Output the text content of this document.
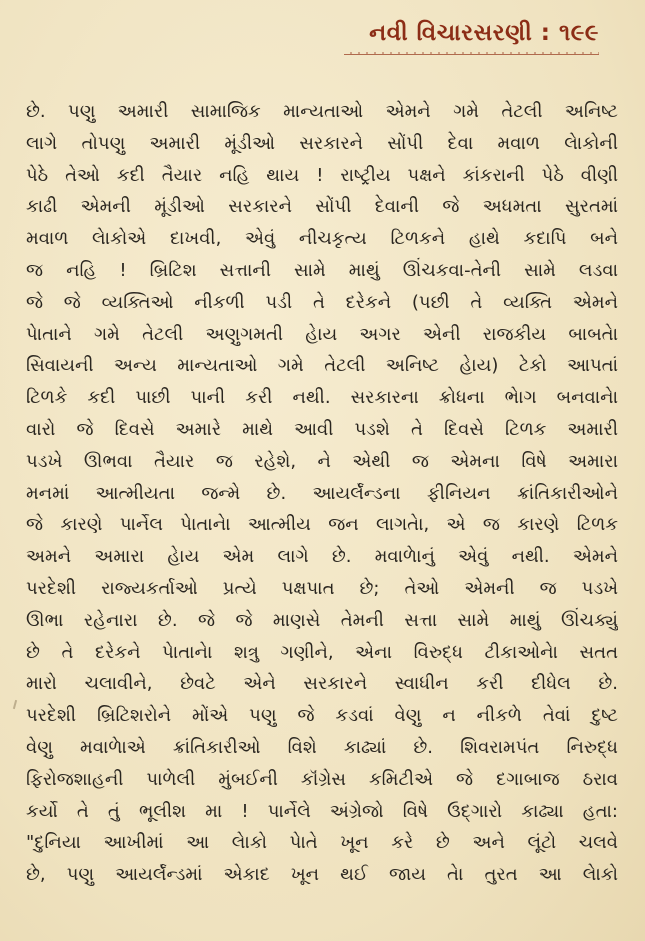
નવી વિચારસરણી : ૧૯૯
છે. પણુ અમારી સામાજિક માન્યતાઓ એમને ગમે તેટલી અનિષ્ટ
લાગે તોપણુ અમારી મૂંડીઓ સરકારને સોંપી દેવા મવાળ લેાકોની
પેઠે તેઓ કદી તૈયાર નહિ થાય ! રાષ્ટ્રીય પક્ષને કાંકરાની પેઠે વીણી
કાઢી એમની મૂંડીઓ સરકારને સોંપી દેવાની જે અધમતા સુરતમાં
મવાળ લેાકોએ દાખવી, એવું નીચકૃત્ય ટિળકને હાથે કદાપિ બને
જ નહિ ! બ્રિટિશ સત્તાની સામે માથું ઊંચકવા-તેની સામે લડવા
જે જે વ્યક્તિઓ નીકળી પડી તે દરેકને (પછી તે વ્યક્તિ એમને
પેાતાને ગમે તેટલી અણુગમતી હેાય અગર એની રાજકીય બાબતેા
સિવાયની અન્ય માન્યતાઓ ગમે તેટલી અનિષ્ટ હેાય) ટેકો આપતાં
ટિળકે કદી પાછી પાની કરી નથી. સરકારના ક્રોધના ભેાગ બનવાનેા
વારો જે દિવસે અમારે માથે આવી પડશે તે દિવસે ટિળક અમારી
પડખે ઊભવા તૈયાર જ રહેશે, ને એથી જ એમના વિષે અમારા
મનમાં આત્મીયતા જન્મે છે. આયર્લૅન્ડના ફીનિયન ક્રાંતિકારીઓને
જે કારણે પાર્નેલ પેાતાનેા આત્મીય જન લાગતેા, એ જ કારણે ટિળક
અમને અમારા હેાય એમ લાગે છે. મવાળેાનું એવું નથી. એમને
પરદેશી રાજ્યકર્તાઓ પ્રત્યે પક્ષપાત છે; તેઓ એમની જ પડખે
ઊભા રહેનારા છે. જે જે માણસે તેમની સત્તા સામે માથું ઊંચક્યું
છે તે દરેકને પેાતાનેા શત્રુ ગણીને, એના વિરુદ્ધ ટીકાઓનેા સતત
મારો ચલાવીને, છેવટે એને સરકારને સ્વાધીન કરી દીધેલ છે.
પરદેશી બ્રિટિશરોને મોંએ પણુ જે કડવાં વેણુ ન નીકળે તેવાં દુષ્ટ
વેણુ મવાળેાએ ક્રાંતિકારીઓ વિશે કાઢ્યાં છે. શિવરામપંત નિરુદ્ધ
ફિરોજશાહની પાળેલી મુંબઈની કૉંગ્રેસ કમિટીએ જે દગાબાજ ઠરાવ
કર્યો તે તું ભૂલીશ મા ! પાર્નેલે અંગ્રેજો વિષે ઉદ્ગારો કાઢ્યા હતા:
"દુનિયા આખીમાં આ લેાકો પેાતે ખૂન કરે છે અને લૂંટો ચલવે
છે, પણુ આયર્લૅન્ડમાં એકાદ ખૂન થઈ જાય તેા તુરત આ લેાકો
